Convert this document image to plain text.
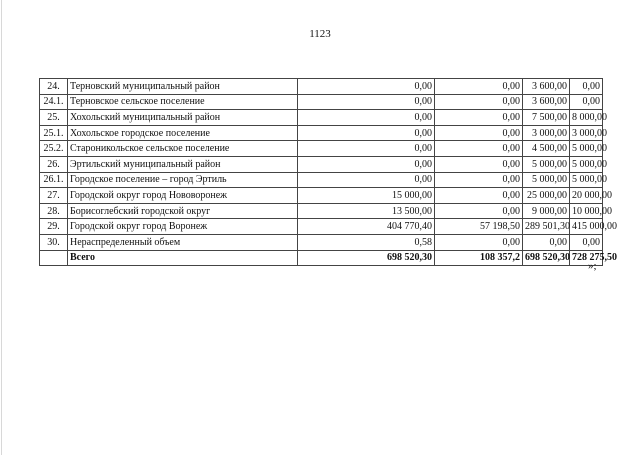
1123
24.	Терновский муниципальный район	0,00	0,00	3 600,00	0,00
24.1.	Терновское сельское поселение	0,00	0,00	3 600,00	0,00
25.	Хохольский муниципальный район	0,00	0,00	7 500,00	8 000,00
25.1.	Хохольское городское поселение	0,00	0,00	3 000,00	3 000,00
25.2.	Староникольское сельское поселение	0,00	0,00	4 500,00	5 000,00
26.	Эртильский муниципальный район	0,00	0,00	5 000,00	5 000,00
26.1.	Городское поселение – город Эртиль	0,00	0,00	5 000,00	5 000,00
27.	Городской округ город Нововоронеж	15 000,00	0,00	25 000,00	20 000,00
28.	Борисоглебский городской округ	13 500,00	0,00	9 000,00	10 000,00
29.	Городской округ город Воронеж	404 770,40	57 198,50	289 501,30	415 000,00
30.	Нераспределенный объем	0,58	0,00	0,00	0,00
	Всего	698 520,30	108 357,2	698 520,30	728 275,50
»;
